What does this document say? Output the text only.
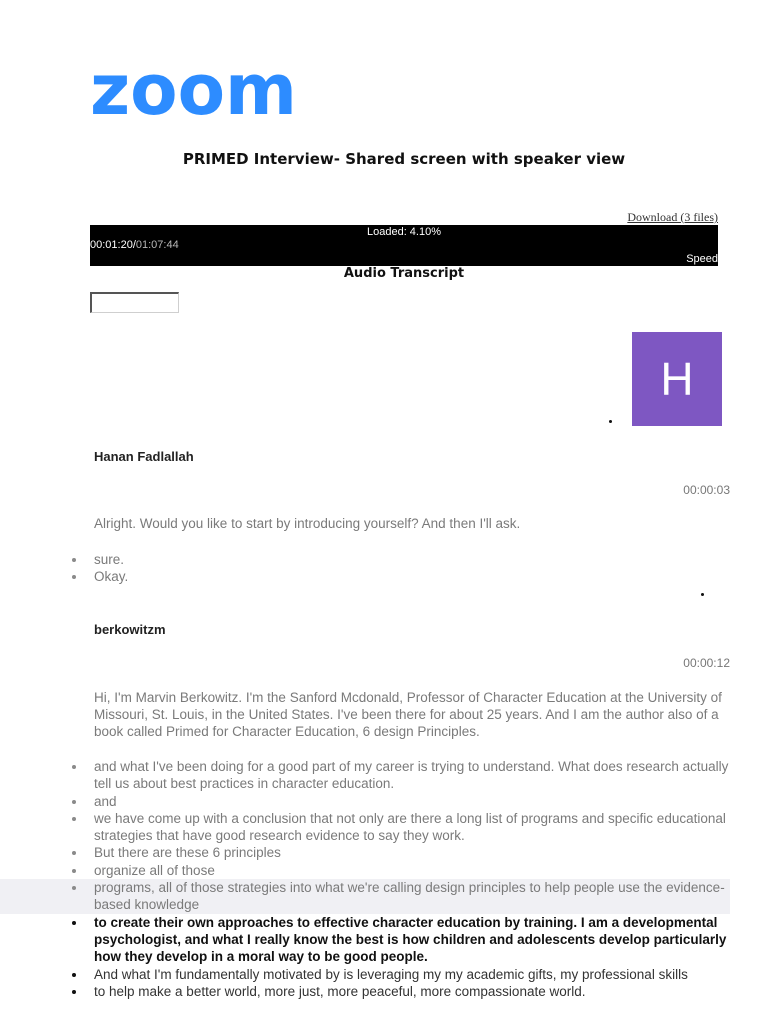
zoom
PRIMED Interview- Shared screen with speaker view
Download (3 files)
Loaded: 4.10%
00:01:20/01:07:44
Speed
Audio Transcript
H
Hanan Fadlallah
00:00:03
Alright. Would you like to start by introducing yourself? And then I'll ask.
sure.
Okay.
berkowitzm
00:00:12
Hi, I'm Marvin Berkowitz. I'm the Sanford Mcdonald, Professor of Character Education at the University of Missouri, St. Louis, in the United States. I've been there for about 25 years. And I am the author also of a book called Primed for Character Education, 6 design Principles.
and what I've been doing for a good part of my career is trying to understand. What does research actually tell us about best practices in character education.
and
we have come up with a conclusion that not only are there a long list of programs and specific educational strategies that have good research evidence to say they work.
But there are these 6 principles
organize all of those
programs, all of those strategies into what we're calling design principles to help people use the evidence-based knowledge
to create their own approaches to effective character education by training. I am a developmental psychologist, and what I really know the best is how children and adolescents develop particularly how they develop in a moral way to be good people.
And what I'm fundamentally motivated by is leveraging my my academic gifts, my professional skills
to help make a better world, more just, more peaceful, more compassionate world.
